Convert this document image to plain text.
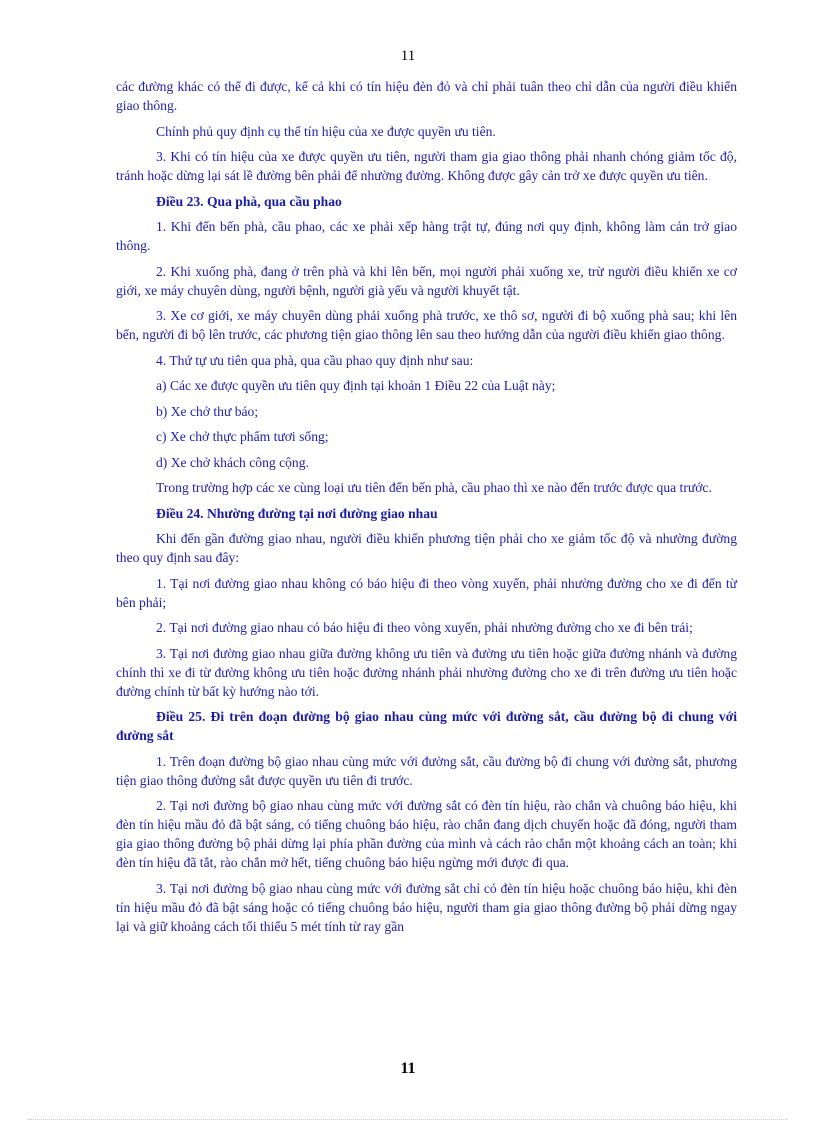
11

các đường khác có thể đi được, kể cả khi có tín hiệu đèn đỏ và chỉ phải tuân theo chỉ dẫn của người điều khiển giao thông.

Chính phủ quy định cụ thể tín hiệu của xe được quyền ưu tiên.

3. Khi có tín hiệu của xe được quyền ưu tiên, người tham gia giao thông phải nhanh chóng giảm tốc độ, tránh hoặc dừng lại sát lề đường bên phải để nhường đường. Không được gây cản trở xe được quyền ưu tiên.

Điều 23. Qua phà, qua cầu phao

1. Khi đến bến phà, cầu phao, các xe phải xếp hàng trật tự, đúng nơi quy định, không làm cản trở giao thông.

2. Khi xuống phà, đang ở trên phà và khi lên bến, mọi người phải xuống xe, trừ người điều khiển xe cơ giới, xe máy chuyên dùng, người bệnh, người già yếu và người khuyết tật.

3. Xe cơ giới, xe máy chuyên dùng phải xuống phà trước, xe thô sơ, người đi bộ xuống phà sau; khi lên bến, người đi bộ lên trước, các phương tiện giao thông lên sau theo hướng dẫn của người điều khiển giao thông.

4. Thứ tự ưu tiên qua phà, qua cầu phao quy định như sau:

a) Các xe được quyền ưu tiên quy định tại khoản 1 Điều 22 của Luật này;

b) Xe chở thư báo;

c) Xe chở thực phẩm tươi sống;

d) Xe chở khách công cộng.

Trong trường hợp các xe cùng loại ưu tiên đến bến phà, cầu phao thì xe nào đến trước được qua trước.

Điều 24. Nhường đường tại nơi đường giao nhau

Khi đến gần đường giao nhau, người điều khiển phương tiện phải cho xe giảm tốc độ và nhường đường theo quy định sau đây:

1. Tại nơi đường giao nhau không có báo hiệu đi theo vòng xuyến, phải nhường đường cho xe đi đến từ bên phải;

2. Tại nơi đường giao nhau có báo hiệu đi theo vòng xuyến, phải nhường đường cho xe đi bên trái;

3. Tại nơi đường giao nhau giữa đường không ưu tiên và đường ưu tiên hoặc giữa đường nhánh và đường chính thì xe đi từ đường không ưu tiên hoặc đường nhánh phải nhường đường cho xe đi trên đường ưu tiên hoặc đường chính từ bất kỳ hướng nào tới.

Điều 25. Đi trên đoạn đường bộ giao nhau cùng mức với đường sắt, cầu đường bộ đi chung với đường sắt

1. Trên đoạn đường bộ giao nhau cùng mức với đường sắt, cầu đường bộ đi chung với đường sắt, phương tiện giao thông đường sắt được quyền ưu tiên đi trước.

2. Tại nơi đường bộ giao nhau cùng mức với đường sắt có đèn tín hiệu, rào chắn và chuông báo hiệu, khi đèn tín hiệu mầu đỏ đã bật sáng, có tiếng chuông báo hiệu, rào chắn đang dịch chuyển hoặc đã đóng, người tham gia giao thông đường bộ phải dừng lại phía phần đường của mình và cách rào chắn một khoảng cách an toàn; khi đèn tín hiệu đã tắt, rào chắn mở hết, tiếng chuông báo hiệu ngừng mới được đi qua.

3. Tại nơi đường bộ giao nhau cùng mức với đường sắt chỉ có đèn tín hiệu hoặc chuông báo hiệu, khi đèn tín hiệu mầu đỏ đã bật sáng hoặc có tiếng chuông báo hiệu, người tham gia giao thông đường bộ phải dừng ngay lại và giữ khoảng cách tối thiểu 5 mét tính từ ray gần

11
